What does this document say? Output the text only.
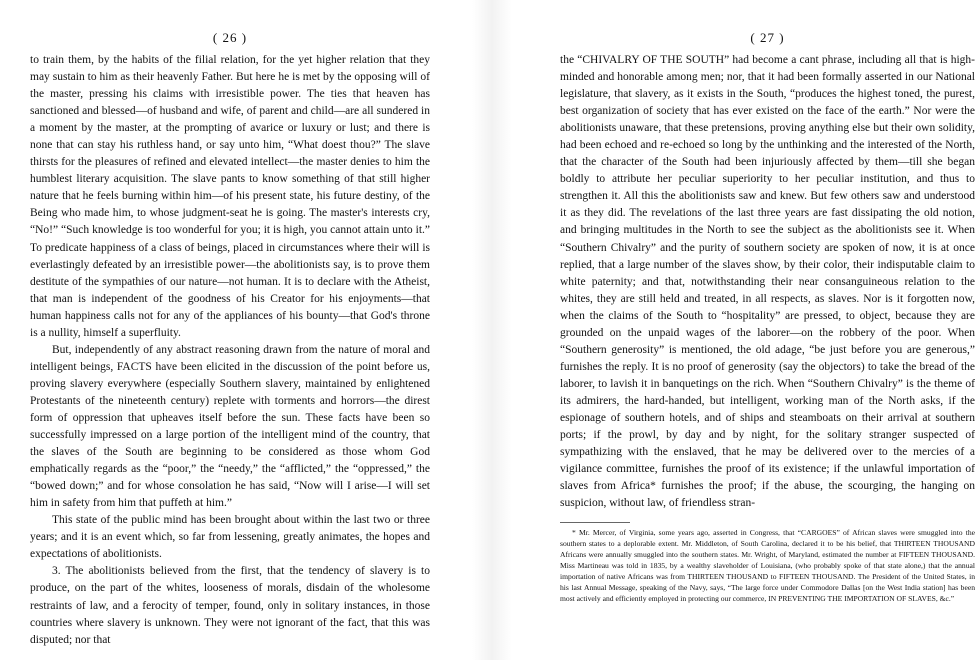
( 26 )

to train them, by the habits of the filial relation, for the yet higher relation that they may sustain to him as their heavenly Father. But here he is met by the opposing will of the master, pressing his claims with irresistible power. The ties that heaven has sanctioned and blessed—of husband and wife, of parent and child—are all sundered in a moment by the master, at the prompting of avarice or luxury or lust; and there is none that can stay his ruthless hand, or say unto him, “What doest thou?” The slave thirsts for the pleasures of refined and elevated intellect—the master denies to him the humblest literary acquisition. The slave pants to know something of that still higher nature that he feels burning within him—of his present state, his future destiny, of the Being who made him, to whose judgment-seat he is going. The master's interests cry, “No!” “Such knowledge is too wonderful for you; it is high, you cannot attain unto it.” To predicate happiness of a class of beings, placed in circumstances where their will is everlastingly defeated by an irresistible power—the abolitionists say, is to prove them destitute of the sympathies of our nature—not human. It is to declare with the Atheist, that man is independent of the goodness of his Creator for his enjoyments—that human happiness calls not for any of the appliances of his bounty—that God's throne is a nullity, himself a superfluity.

But, independently of any abstract reasoning drawn from the nature of moral and intelligent beings, FACTS have been elicited in the discussion of the point before us, proving slavery everywhere (especially Southern slavery, maintained by enlightened Protestants of the nineteenth century) replete with torments and horrors—the direst form of oppression that upheaves itself before the sun. These facts have been so successfully impressed on a large portion of the intelligent mind of the country, that the slaves of the South are beginning to be considered as those whom God emphatically regards as the “poor,” the “needy,” the “afflicted,” the “oppressed,” the “bowed down;” and for whose consolation he has said, “Now will I arise—I will set him in safety from him that puffeth at him.”

This state of the public mind has been brought about within the last two or three years; and it is an event which, so far from lessening, greatly animates, the hopes and expectations of abolitionists.

3. The abolitionists believed from the first, that the tendency of slavery is to produce, on the part of the whites, looseness of morals, disdain of the wholesome restraints of law, and a ferocity of temper, found, only in solitary instances, in those countries where slavery is unknown. They were not ignorant of the fact, that this was disputed; nor that

( 27 )

the “CHIVALRY OF THE SOUTH” had become a cant phrase, including all that is high-minded and honorable among men; nor, that it had been formally asserted in our National legislature, that slavery, as it exists in the South, “produces the highest toned, the purest, best organization of society that has ever existed on the face of the earth.” Nor were the abolitionists unaware, that these pretensions, proving anything else but their own solidity, had been echoed and re-echoed so long by the unthinking and the interested of the North, that the character of the South had been injuriously affected by them—till she began boldly to attribute her peculiar superiority to her peculiar institution, and thus to strengthen it. All this the abolitionists saw and knew. But few others saw and understood it as they did. The revelations of the last three years are fast dissipating the old notion, and bringing multitudes in the North to see the subject as the abolitionists see it. When “Southern Chivalry” and the purity of southern society are spoken of now, it is at once replied, that a large number of the slaves show, by their color, their indisputable claim to white paternity; and that, notwithstanding their near consanguineous relation to the whites, they are still held and treated, in all respects, as slaves. Nor is it forgotten now, when the claims of the South to “hospitality” are pressed, to object, because they are grounded on the unpaid wages of the laborer—on the robbery of the poor. When “Southern generosity” is mentioned, the old adage, “be just before you are generous,” furnishes the reply. It is no proof of generosity (say the objectors) to take the bread of the laborer, to lavish it in banquetings on the rich. When “Southern Chivalry” is the theme of its admirers, the hard-handed, but intelligent, working man of the North asks, if the espionage of southern hotels, and of ships and steamboats on their arrival at southern ports; if the prowl, by day and by night, for the solitary stranger suspected of sympathizing with the enslaved, that he may be delivered over to the mercies of a vigilance committee, furnishes the proof of its existence; if the unlawful importation of slaves from Africa* furnishes the proof; if the abuse, the scourging, the hanging on suspicion, without law, of friendless stran-

* Mr. Mercer, of Virginia, some years ago, asserted in Congress, that “CARGOES” of African slaves were smuggled into the southern states to a deplorable extent. Mr. Middleton, of South Carolina, declared it to be his belief, that THIRTEEN THOUSAND Africans were annually smuggled into the southern states. Mr. Wright, of Maryland, estimated the number at FIFTEEN THOUSAND. Miss Martineau was told in 1835, by a wealthy slaveholder of Louisiana, (who probably spoke of that state alone,) that the annual importation of native Africans was from THIRTEEN THOUSAND to FIFTEEN THOUSAND. The President of the United States, in his last Annual Message, speaking of the Navy, says, “The large force under Commodore Dallas [on the West India station] has been most actively and efficiently employed in protecting our commerce, IN PREVENTING THE IMPORTATION OF SLAVES, &c.”
